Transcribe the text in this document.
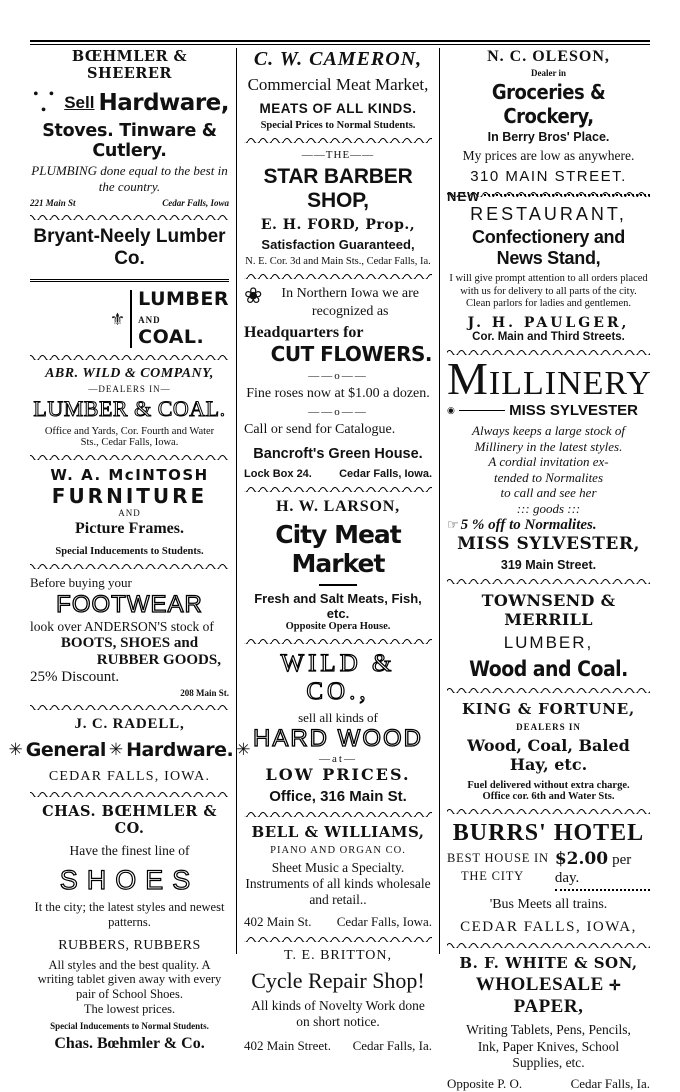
BŒHMLER & SHEERER
• • • Sell Hardware,
Stoves. Tinware & Cutlery.
PLUMBING done equal to the best in the country.
221 Main St	Cedar Falls, Iowa
Bryant-Neely Lumber Co.
⚜
LUMBER
AND
COAL.
ABR. WILD & COMPANY,
—DEALERS IN—
LUMBER & COAL.
Office and Yards, Cor. Fourth and Water
Sts., Cedar Falls, Iowa.
W. A. McINTOSH
FURNITURE
AND
Picture Frames.
Special Inducements to Students.
Before buying your
FOOTWEAR
look over ANDERSON'S stock of
BOOTS, SHOES and
RUBBER GOODS,
25% Discount.
208 Main St.
J. C. RADELL,
✳ General ✳ Hardware. ✳
CEDAR FALLS, IOWA.
CHAS. BŒHMLER & CO.
Have the finest line of
SHOES
It the city; the latest styles and newest patterns.
RUBBERS, RUBBERS
All styles and the best quality. A writing tablet given away with every pair of School Shoes.
The lowest prices.
Special Inducements to Normal Students.
Chas. Bœhmler & Co.
C. W. CAMERON,
Commercial Meat Market,
MEATS OF ALL KINDS.
Special Prices to Normal Students.
——THE——
STAR BARBER SHOP,
E. H. FORD, Prop.,
Satisfaction Guaranteed,
N. E. Cor. 3d and Main Sts., Cedar Falls, Ia.
❀	In Northern Iowa we are
recognized as
Headquarters for
CUT FLOWERS.
——o——
Fine roses now at $1.00 a dozen.
——o——
Call or send for Catalogue.
Bancroft's Green House.
Lock Box 24. Cedar Falls, Iowa.
H. W. LARSON,
City Meat Market
Fresh and Salt Meats, Fish, etc.
Opposite Opera House.
WILD & CO.,
sell all kinds of
HARD WOOD
—at—
LOW PRICES.
Office, 316 Main St.
BELL & WILLIAMS,
PIANO AND ORGAN CO.
Sheet Music a Specialty. Instruments of all kinds wholesale and retail..
402 Main St. Cedar Falls, Iowa.
T. E. BRITTON,
Cycle Repair Shop!
All kinds of Novelty Work done on short notice.
402 Main Street. Cedar Falls, Ia.
N. C. OLESON,
Dealer in
Groceries & Crockery,
In Berry Bros' Place.
My prices are low as anywhere.
310 MAIN STREET.
NEW
RESTAURANT,
Confectionery and News Stand,
I will give prompt attention to all orders placed with us for delivery to all parts of the city. Clean parlors for ladies and gentlemen.
J. H. PAULGER,
Cor. Main and Third Streets.
MILLINERY
◉	MISS SYLVESTER
Always keeps a large stock of
Millinery in the latest styles.
A cordial invitation ex-
tended to Normalites
to call and see her
::: goods :::
☞ 5 % off to Normalites.
MISS SYLVESTER,
319 Main Street.
TOWNSEND & MERRILL
LUMBER,
Wood and Coal.
KING & FORTUNE,
DEALERS IN
Wood, Coal, Baled Hay, etc.
Fuel delivered without extra charge.
Office cor. 6th and Water Sts.
BURRS' HOTEL
BEST HOUSE IN
THE CITY
$2.00 per day.
'Bus Meets all trains.
CEDAR FALLS, IOWA,
B. F. WHITE & SON,
WHOLESALE ✛ PAPER,
Writing Tablets, Pens, Pencils,
Ink, Paper Knives, School
Supplies, etc.
Opposite P. O.	Cedar Falls, Ia.
